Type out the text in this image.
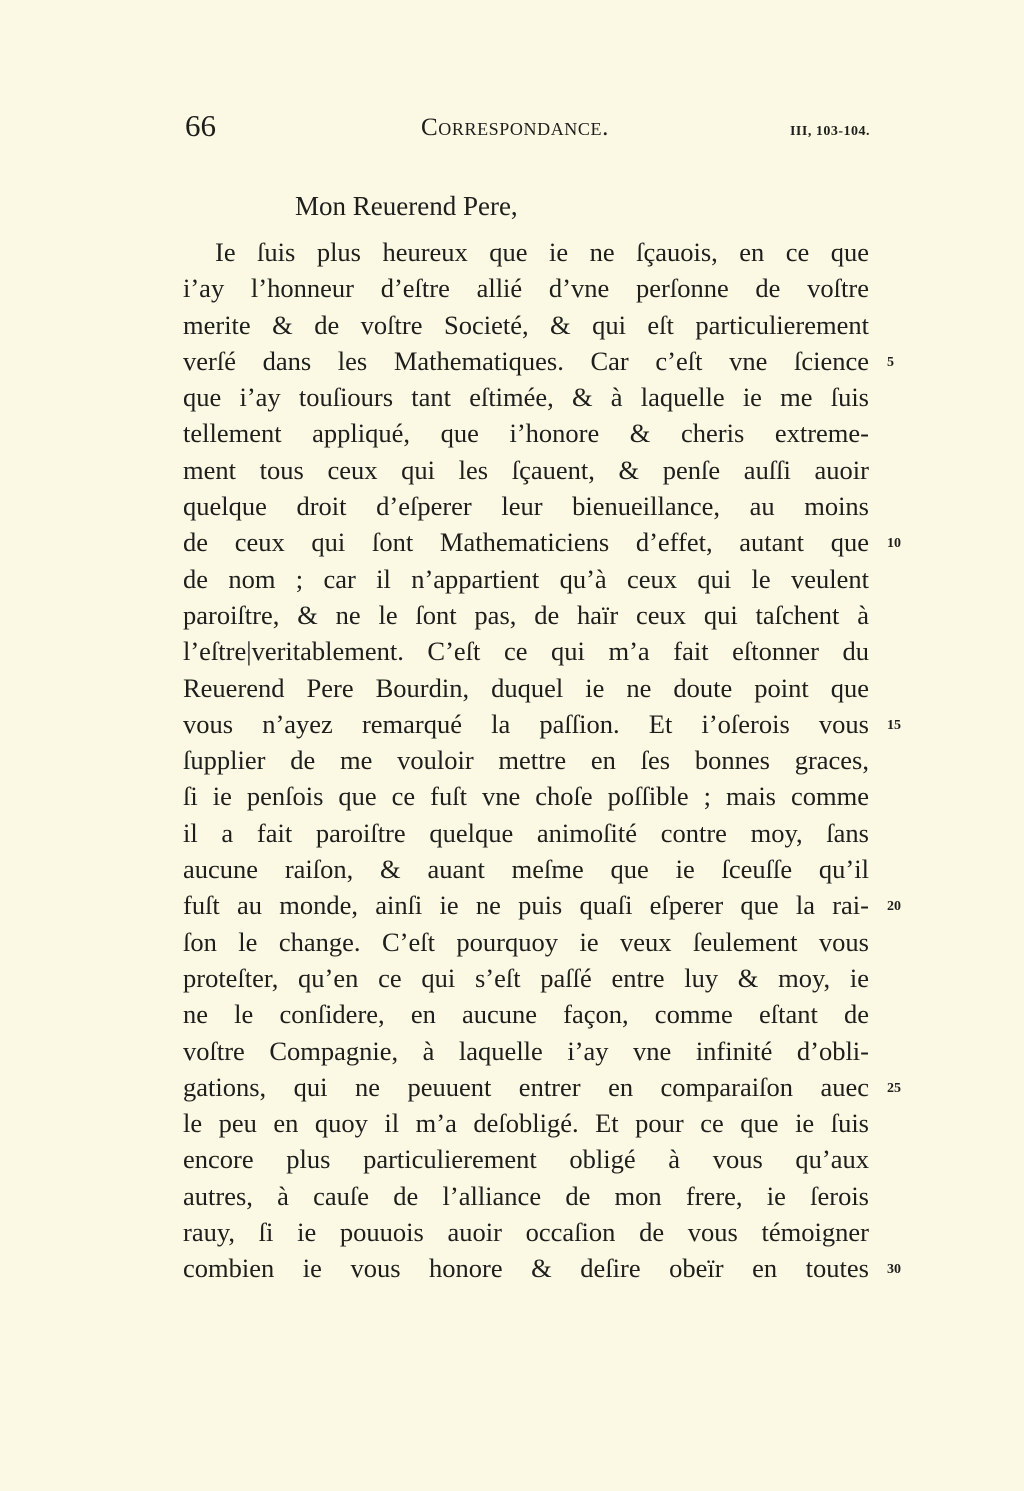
66	Correspondance.	III, 103-104.
Mon Reuerend Pere,
Ie ſuis plus heureux que ie ne ſçauois, en ce que
i’ay l’honneur d’eſtre allié d’vne perſonne de voſtre
merite & de voſtre Societé, & qui eſt particulierement
verſé dans les Mathematiques. Car c’eſt vne ſcience 5
que i’ay touſiours tant eſtimée, & à laquelle ie me ſuis
tellement appliqué, que i’honore & cheris extreme-
ment tous ceux qui les ſçauent, & penſe auſſi auoir
quelque droit d’eſperer leur bienueillance, au moins
de ceux qui ſont Mathematiciens d’effet, autant que 10
de nom ; car il n’appartient qu’à ceux qui le veulent
paroiſtre, & ne le ſont pas, de haïr ceux qui taſchent à
l’eſtre|veritablement. C’eſt ce qui m’a fait eſtonner du
Reuerend Pere Bourdin, duquel ie ne doute point que
vous n’ayez remarqué la paſſion. Et i’oſerois vous 15
ſupplier de me vouloir mettre en ſes bonnes graces,
ſi ie penſois que ce fuſt vne choſe poſſible ; mais comme
il a fait paroiſtre quelque animoſité contre moy, ſans
aucune raiſon, & auant meſme que ie ſceuſſe qu’il
fuſt au monde, ainſi ie ne puis quaſi eſperer que la rai- 20
ſon le change. C’eſt pourquoy ie veux ſeulement vous
proteſter, qu’en ce qui s’eſt paſſé entre luy & moy, ie
ne le conſidere, en aucune façon, comme eſtant de
voſtre Compagnie, à laquelle i’ay vne infinité d’obli-
gations, qui ne peuuent entrer en comparaiſon auec 25
le peu en quoy il m’a deſobligé. Et pour ce que ie ſuis
encore plus particulierement obligé à vous qu’aux
autres, à cauſe de l’alliance de mon frere, ie ſerois
rauy, ſi ie pouuois auoir occaſion de vous témoigner
combien ie vous honore & deſire obeïr en toutes 30
